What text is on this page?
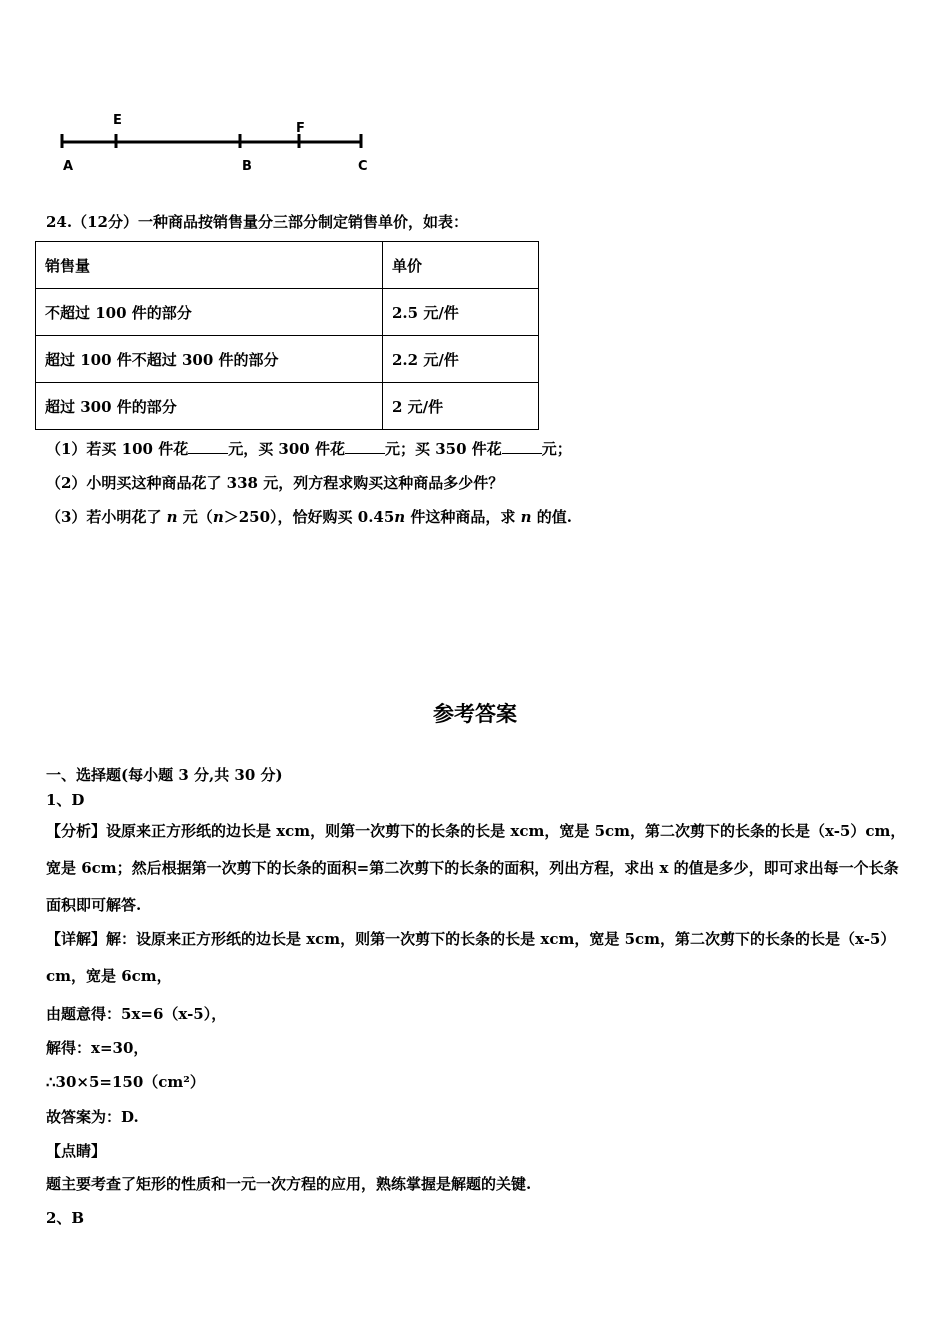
E
F
A	B	C
24.（12分）一种商品按销售量分三部分制定销售单价，如表：
销售量	单价
不超过 100 件的部分	2.5 元/件
超过 100 件不超过 300 件的部分	2.2 元/件
超过 300 件的部分	2 元/件
（1）若买 100 件花	元，买 300 件花	元；买 350 件花	元；
（2）小明买这种商品花了 338 元，列方程求购买这种商品多少件？
（3）若小明花了 n 元（n＞250），恰好购买 0.45n 件这种商品，求 n 的值.
参考答案
一、选择题(每小题 3 分,共 30 分)
1、D
【分析】设原来正方形纸的边长是 xcm，则第一次剪下的长条的长是 xcm，宽是 5cm，第二次剪下的长条的长是（x-5）cm，宽是 6cm；然后根据第一次剪下的长条的面积=第二次剪下的长条的面积，列出方程，求出 x 的值是多少，即可求出每一个长条面积即可解答.
【详解】解：设原来正方形纸的边长是 xcm，则第一次剪下的长条的长是 xcm，宽是 5cm，第二次剪下的长条的长是（x-5）cm，宽是 6cm，
由题意得：5x=6（x-5），
解得：x=30，
∴30×5=150（cm²）
故答案为：D.
【点睛】
题主要考查了矩形的性质和一元一次方程的应用，熟练掌握是解题的关键.
2、B
